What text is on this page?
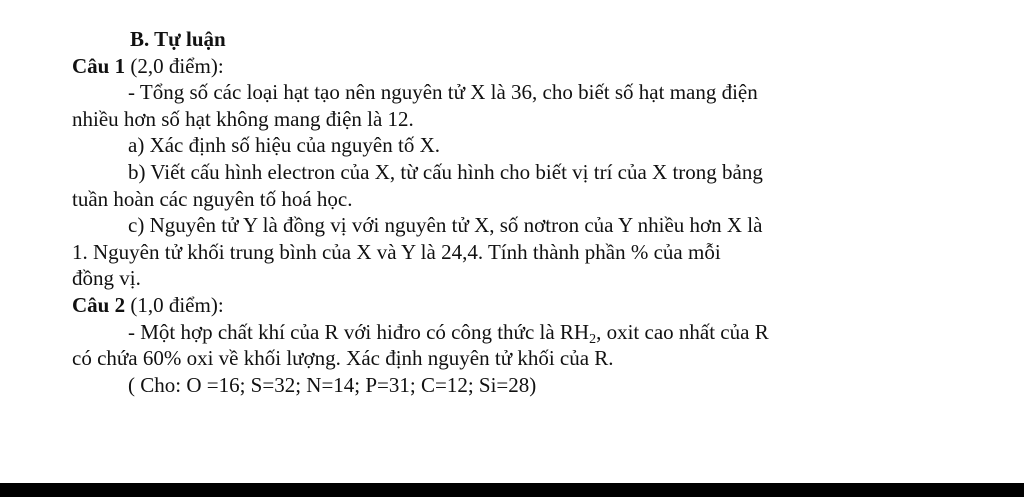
B. Tự luận
Câu 1 (2,0 điểm):
- Tổng số các loại hạt tạo nên nguyên tử X là 36, cho biết số hạt mang điện
nhiều hơn số hạt không mang điện là 12.
a) Xác định số hiệu của nguyên tố X.
b) Viết cấu hình electron của X, từ cấu hình cho biết vị trí của X trong bảng
tuần hoàn các nguyên tố hoá học.
c) Nguyên tử Y là đồng vị với nguyên tử X, số nơtron của Y nhiều hơn X là
1. Nguyên tử khối trung bình của X và Y là 24,4. Tính thành phần % của mỗi
đồng vị.
Câu 2 (1,0 điểm):
- Một hợp chất khí của R với hiđro có công thức là $RH_2$, oxit cao nhất của R
có chứa 60% oxi về khối lượng. Xác định nguyên tử khối của R.
( Cho: O =16; S=32; N=14; P=31; C=12; Si=28)
